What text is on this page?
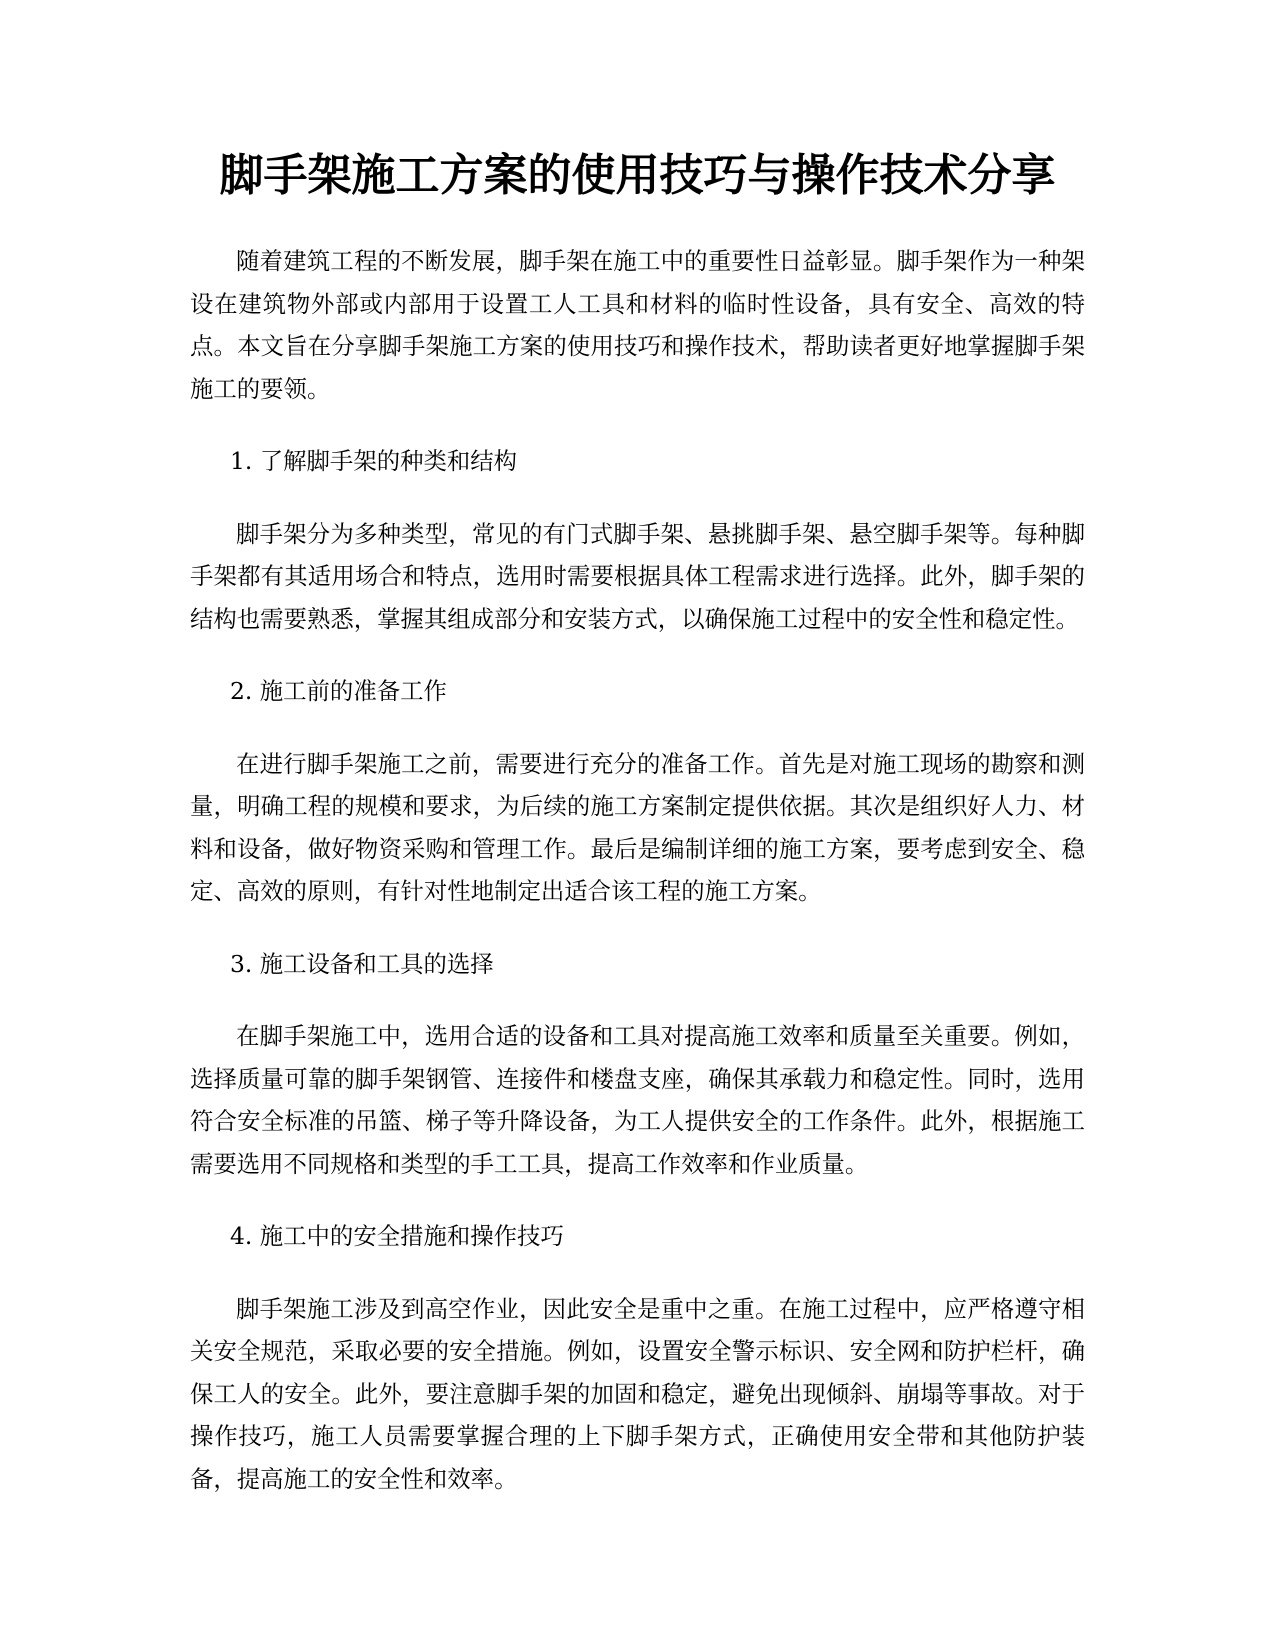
脚手架施工方案的使用技巧与操作技术分享

随着建筑工程的不断发展，脚手架在施工中的重要性日益彰显。脚手架作为一种架设在建筑物外部或内部用于设置工人工具和材料的临时性设备，具有安全、高效的特点。本文旨在分享脚手架施工方案的使用技巧和操作技术，帮助读者更好地掌握脚手架施工的要领。

1. 了解脚手架的种类和结构

脚手架分为多种类型，常见的有门式脚手架、悬挑脚手架、悬空脚手架等。每种脚手架都有其适用场合和特点，选用时需要根据具体工程需求进行选择。此外，脚手架的结构也需要熟悉，掌握其组成部分和安装方式，以确保施工过程中的安全性和稳定性。

2. 施工前的准备工作

在进行脚手架施工之前，需要进行充分的准备工作。首先是对施工现场的勘察和测量，明确工程的规模和要求，为后续的施工方案制定提供依据。其次是组织好人力、材料和设备，做好物资采购和管理工作。最后是编制详细的施工方案，要考虑到安全、稳定、高效的原则，有针对性地制定出适合该工程的施工方案。

3. 施工设备和工具的选择

在脚手架施工中，选用合适的设备和工具对提高施工效率和质量至关重要。例如，选择质量可靠的脚手架钢管、连接件和楼盘支座，确保其承载力和稳定性。同时，选用符合安全标准的吊篮、梯子等升降设备，为工人提供安全的工作条件。此外，根据施工需要选用不同规格和类型的手工工具，提高工作效率和作业质量。

4. 施工中的安全措施和操作技巧

脚手架施工涉及到高空作业，因此安全是重中之重。在施工过程中，应严格遵守相关安全规范，采取必要的安全措施。例如，设置安全警示标识、安全网和防护栏杆，确保工人的安全。此外，要注意脚手架的加固和稳定，避免出现倾斜、崩塌等事故。对于操作技巧，施工人员需要掌握合理的上下脚手架方式，正确使用安全带和其他防护装备，提高施工的安全性和效率。
